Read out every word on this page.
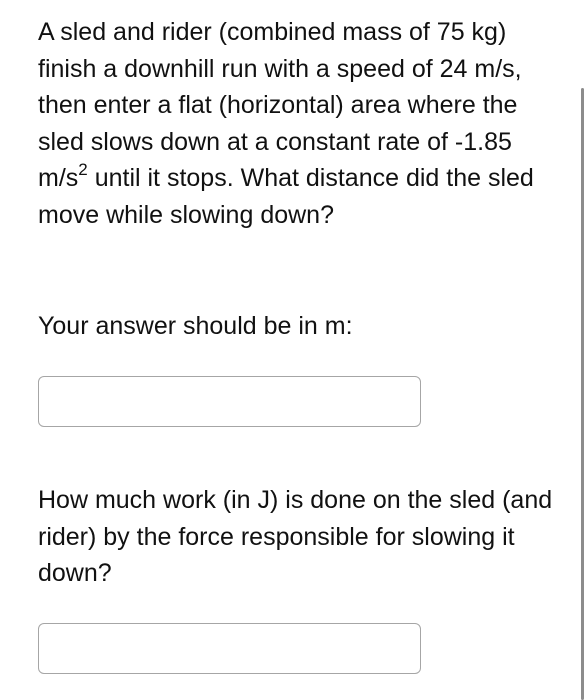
A sled and rider (combined mass of 75 kg) finish a downhill run with a speed of 24 m/s, then enter a flat (horizontal) area where the sled slows down at a constant rate of -1.85 $m/s^2$ until it stops. What distance did the sled move while slowing down?

Your answer should be in m:

How much work (in J) is done on the sled (and rider) by the force responsible for slowing it down?
